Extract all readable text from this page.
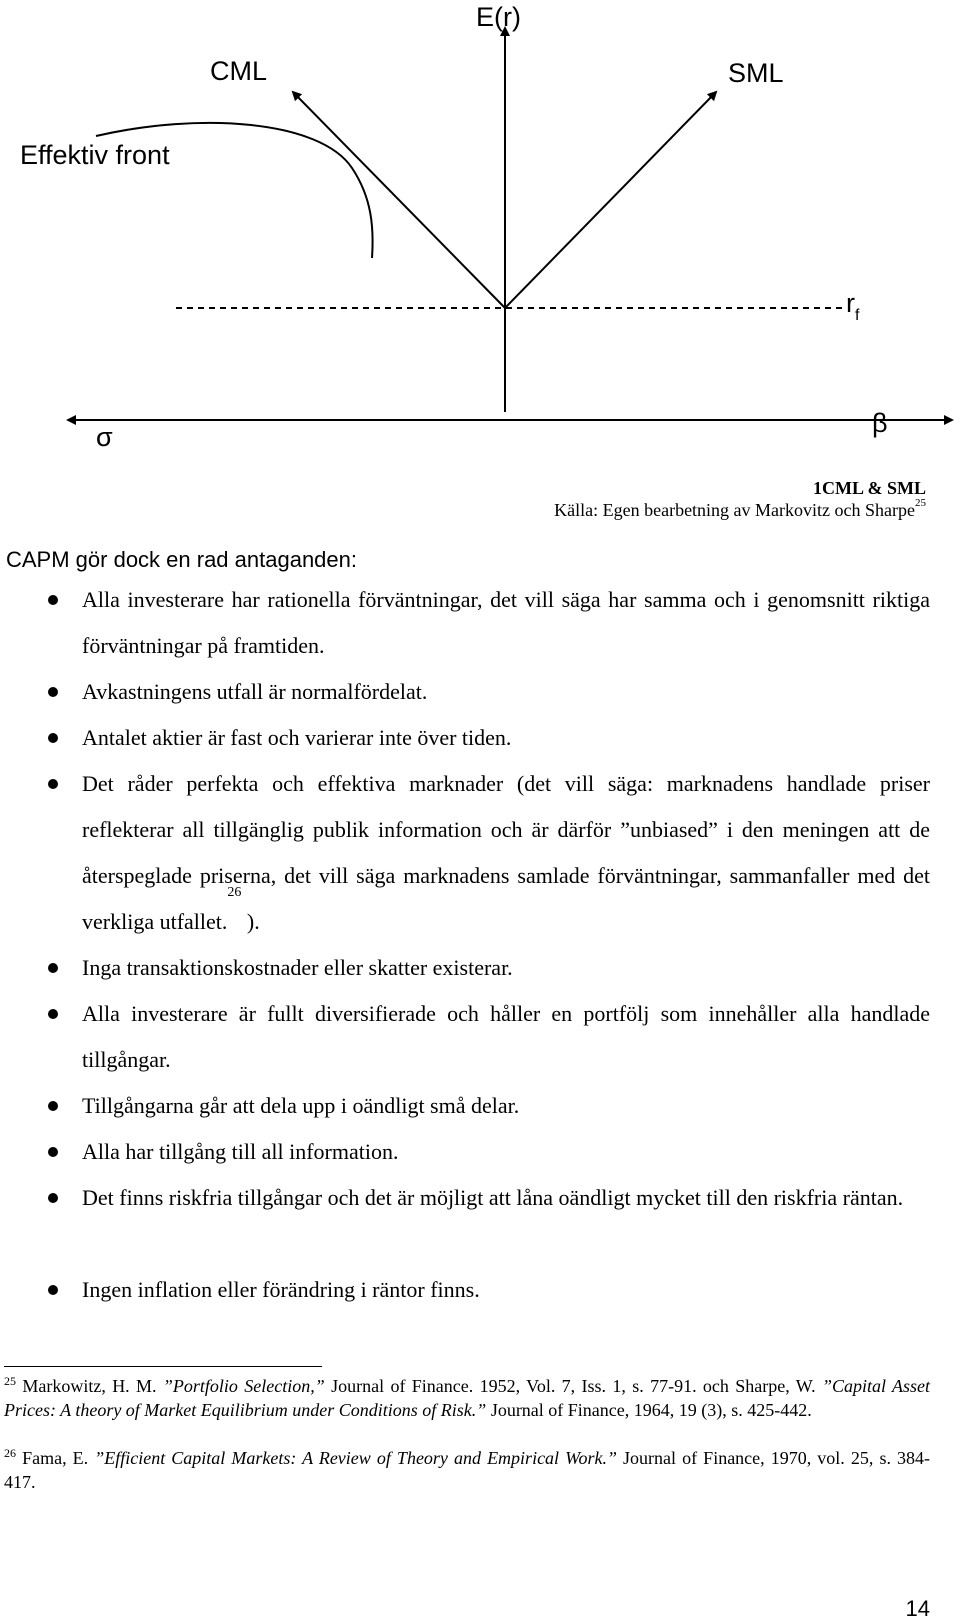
E(r)
CML	SML
Effektiv front
$r_f$
σ	β
1CML & SML
Källa: Egen bearbetning av Markovitz och Sharpe$^{25}$
CAPM gör dock en rad antaganden:
Alla investerare har rationella förväntningar, det vill säga har samma och i genomsnitt riktiga förväntningar på framtiden.
Avkastningens utfall är normalfördelat.
Antalet aktier är fast och varierar inte över tiden.
Det råder perfekta och effektiva marknader (det vill säga: marknadens handlade priser reflekterar all tillgänglig publik information och är därför ”unbiased” i den meningen att de återspeglade priserna, det vill säga marknadens samlade förväntningar, sammanfaller med det verkliga utfallet.$^{26}$ ).
Inga transaktionskostnader eller skatter existerar.
Alla investerare är fullt diversifierade och håller en portfölj som innehåller alla handlade tillgångar.
Tillgångarna går att dela upp i oändligt små delar.
Alla har tillgång till all information.
Det finns riskfria tillgångar och det är möjligt att låna oändligt mycket till den riskfria räntan.
Ingen inflation eller förändring i räntor finns.
$^{25}$ Markowitz, H. M. ”Portfolio Selection,” Journal of Finance. 1952, Vol. 7, Iss. 1, s. 77-91. och Sharpe, W. ”Capital Asset Prices: A theory of Market Equilibrium under Conditions of Risk.” Journal of Finance, 1964, 19 (3), s. 425-442.
$^{26}$ Fama, E. ”Efficient Capital Markets: A Review of Theory and Empirical Work.” Journal of Finance, 1970, vol. 25, s. 384-417.
14
